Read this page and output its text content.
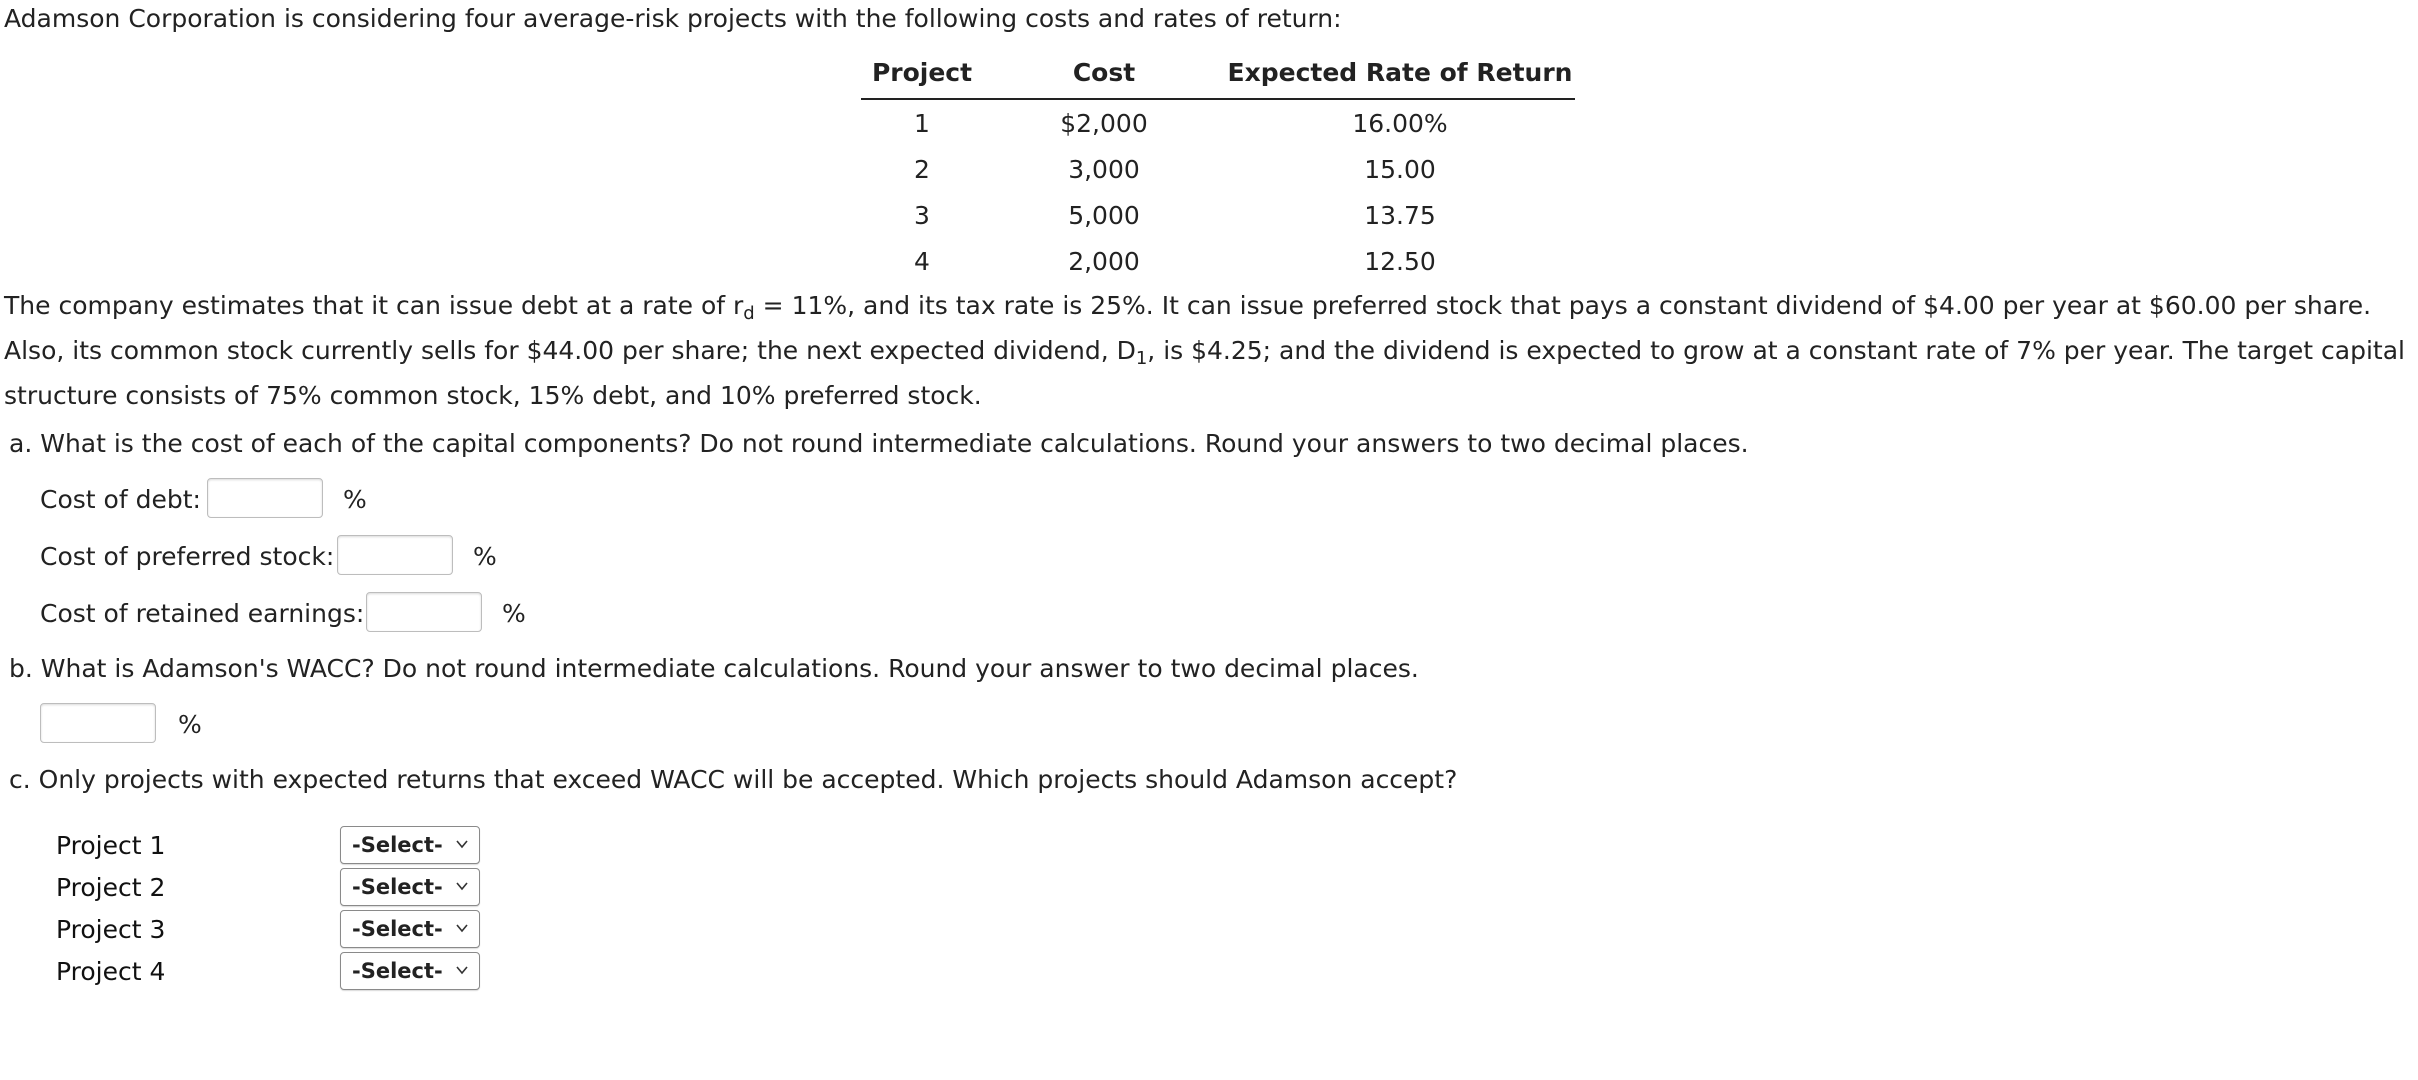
Adamson Corporation is considering four average-risk projects with the following costs and rates of return:
Project	Cost	Expected Rate of Return
1	$2,000	16.00%
2	3,000	15.00
3	5,000	13.75
4	2,000	12.50
The company estimates that it can issue debt at a rate of $r_d = 11\%$, and its tax rate is 25%. It can issue preferred stock that pays a constant dividend of $4.00 per year at $60.00 per share. Also, its common stock currently sells for $44.00 per share; the next expected dividend, $D_1$, is $4.25; and the dividend is expected to grow at a constant rate of 7% per year. The target capital structure consists of 75% common stock, 15% debt, and 10% preferred stock.
a. What is the cost of each of the capital components? Do not round intermediate calculations. Round your answers to two decimal places.
Cost of debt:	%
Cost of preferred stock:	%
Cost of retained earnings:	%
b. What is Adamson's WACC? Do not round intermediate calculations. Round your answer to two decimal places.
%
c. Only projects with expected returns that exceed WACC will be accepted. Which projects should Adamson accept?
Project 1	-Select-
Project 2	-Select-
Project 3	-Select-
Project 4	-Select-
